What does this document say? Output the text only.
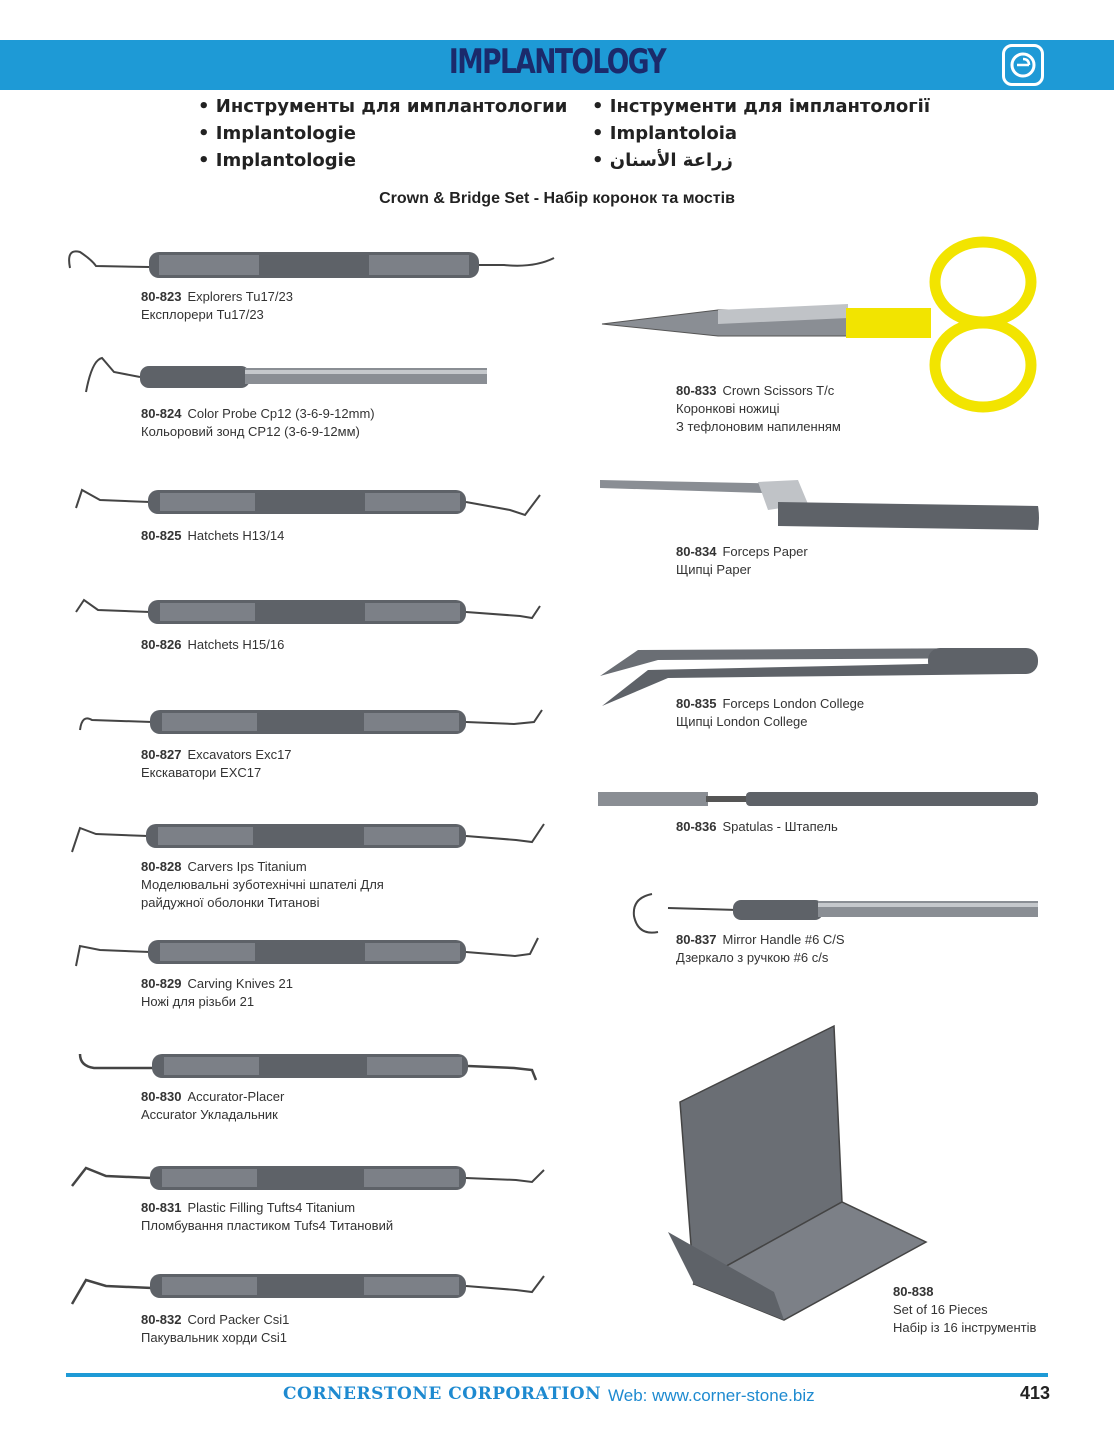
IMPLANTOLOGY
• Инструменты для имплантологии
• Implantologie
• Implantologie
• Інструменти для імплантології
• Implantoloia
• زراعة الأسنان
Crown & Bridge Set - Набір коронок та мостів
80-823 Explorers Tu17/23
Експлорери Tu17/23
80-824 Color Probe Cp12 (3-6-9-12mm)
Кольоровий зонд CP12 (3-6-9-12мм)
80-825 Hatchets H13/14
80-826 Hatchets H15/16
80-827 Excavators Exc17
Екскаватори EXC17
80-828 Carvers Ips Titanium
Моделювальні зуботехнічні шпателі Для
райдужної оболонки Титанові
80-829 Carving Knives 21
Ножі для різьби 21
80-830 Accurator-Placer
Accurator Укладальник
80-831 Plastic Filling Tufts4 Titanium
Пломбування пластиком Tufs4 Титановий
80-832 Cord Packer Csi1
Пакувальник хорди Csi1
80-833 Crown Scissors T/c
Коронкові ножиці
З тефлоновим напиленням
80-834 Forceps Paper
Щипці Paper
80-835 Forceps London College
Щипці London College
80-836 Spatulas - Штапель
80-837 Mirror Handle #6 C/S
Дзеркало з ручкою #6 c/s
80-838
Set of 16 Pieces
Набір із 16 інструментів
CORNERSTONE CORPORATION Web: www.corner-stone.biz	413
